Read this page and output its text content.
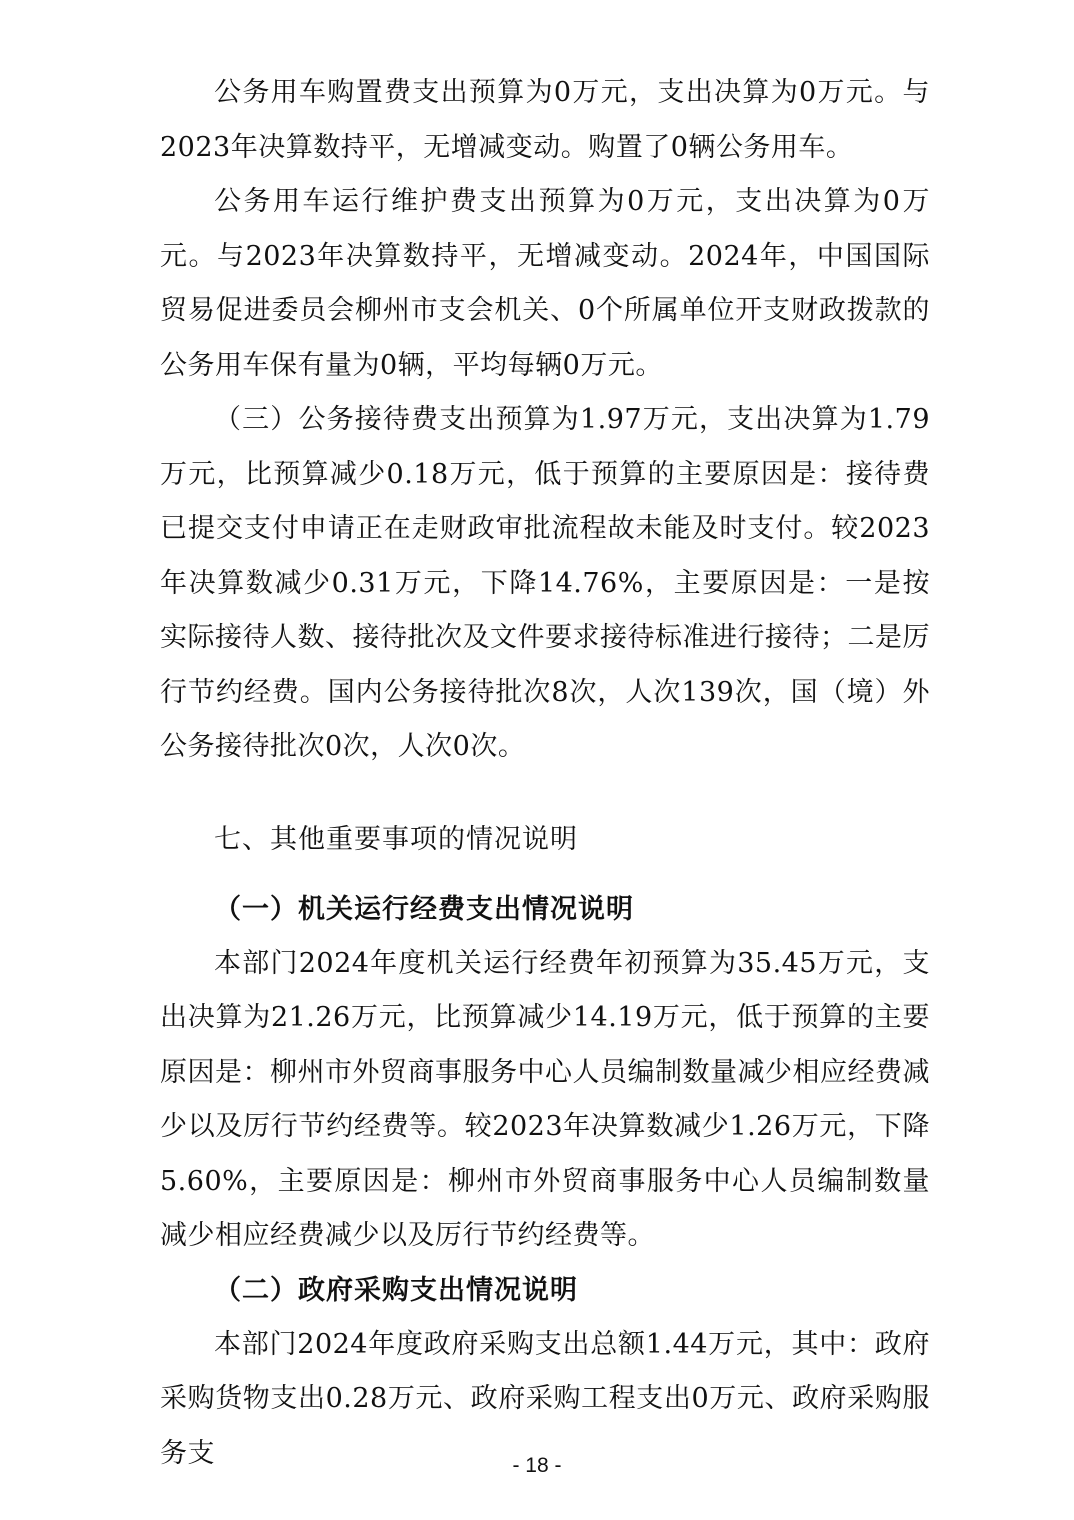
公务用车购置费支出预算为0万元，支出决算为0万元。与2023年决算数持平，无增减变动。购置了0辆公务用车。

公务用车运行维护费支出预算为0万元，支出决算为0万元。与2023年决算数持平，无增减变动。2024年，中国国际贸易促进委员会柳州市支会机关、0个所属单位开支财政拨款的公务用车保有量为0辆，平均每辆0万元。

（三）公务接待费支出预算为1.97万元，支出决算为1.79万元，比预算减少0.18万元，低于预算的主要原因是：接待费已提交支付申请正在走财政审批流程故未能及时支付。较2023年决算数减少0.31万元，下降14.76%，主要原因是：一是按实际接待人数、接待批次及文件要求接待标准进行接待；二是厉行节约经费。国内公务接待批次8次，人次139次，国（境）外公务接待批次0次，人次0次。

七、其他重要事项的情况说明
（一）机关运行经费支出情况说明

本部门2024年度机关运行经费年初预算为35.45万元，支出决算为21.26万元，比预算减少14.19万元，低于预算的主要原因是：柳州市外贸商事服务中心人员编制数量减少相应经费减少以及厉行节约经费等。较2023年决算数减少1.26万元，下降5.60%，主要原因是：柳州市外贸商事服务中心人员编制数量减少相应经费减少以及厉行节约经费等。

（二）政府采购支出情况说明

本部门2024年度政府采购支出总额1.44万元，其中：政府采购货物支出0.28万元、政府采购工程支出0万元、政府采购服务支	- 18 -
